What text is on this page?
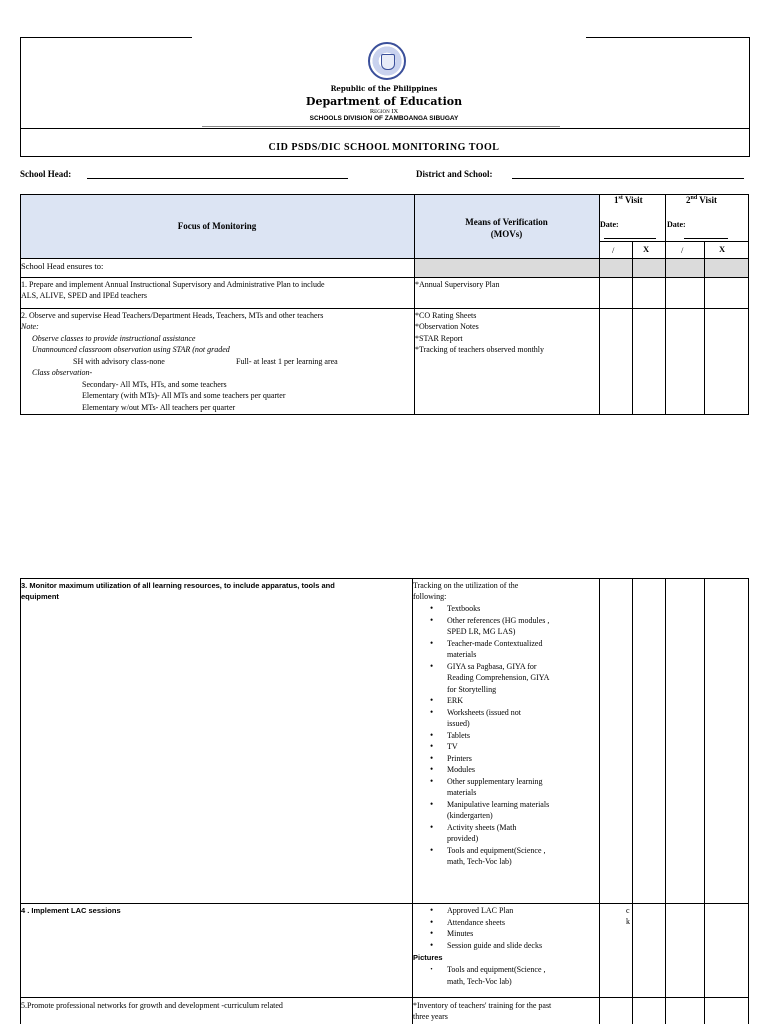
Republic of the Philippines
Department of Education
Region IX
SCHOOLS DIVISION OF ZAMBOANGA SIBUGAY
CID PSDS/DIC SCHOOL MONITORING TOOL
School Head:	District and School:
Focus of Monitoring	Means of Verification
(MOVs)
1st Visit	2nd Visit
Date:	Date:
/	X	/	X
School Head ensures to:
1. Prepare and implement Annual Instructional Supervisory and Administrative Plan to include
ALS, ALIVE, SPED and IPEd teachers
*Annual Supervisory Plan
2. Observe and supervise Head Teachers/Department Heads, Teachers, MTs and other teachers
Note:
Observe classes to provide instructional assistance
Unannounced classroom observation using STAR (not graded
SH with advisory class-none	Full- at least 1 per learning area
Class observation-
Secondary- All MTs, HTs, and some teachers
Elementary (with MTs)- All MTs and some teachers per quarter
Elementary w/out MTs- All teachers per quarter
*CO Rating Sheets
*Observation Notes
*STAR Report
*Tracking of teachers observed monthly
3. Monitor maximum utilization of all learning resources, to include apparatus, tools and
equipment
Tracking on the utilization of the
following:
• Textbooks
• Other references (HG modules ,
SPED LR, MG LAS)
• Teacher-made Contextualized
materials
• GIYA sa Pagbasa, GIYA for
Reading Comprehension, GIYA
for Storytelling
• ERK
• Worksheets (issued not
issued)
• Tablets
• TV
• Printers
• Modules
• Other supplementary learning
materials
• Manipulative learning materials
(kindergarten)
• Activity sheets (Math
provided)
• Tools and equipment(Science ,
math, Tech-Voc lab)
4 . Implement LAC sessions
•	Approved LAC Plan
• Attendance sheets
• Minutes
• Session guide and slide decks
Pictures
· Tools and equipment(Science ,
math, Tech-Voc lab)
c
k
5.Promote professional networks for growth and development -curriculum related	*Inventory of teachers' training for the past
three years
